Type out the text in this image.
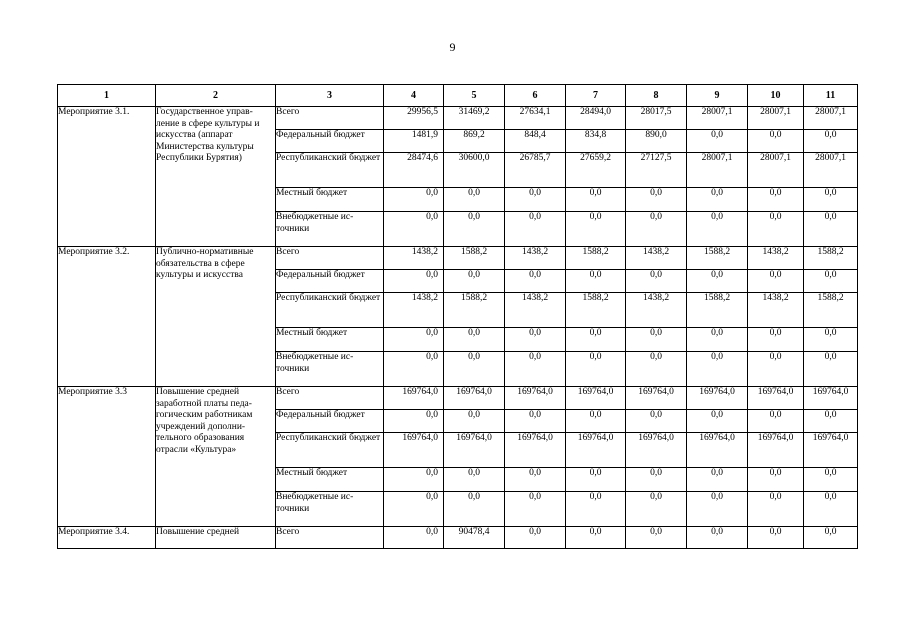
9
1	2	3	4	5	6	7	8	9	10	11
Мероприятие 3.1.	Государственное управ-ление в сфере культуры и искусства (аппарат Министерства культуры Республики Бурятия)	Всего	29956,5	31469,2	27634,1	28494,0	28017,5	28007,1	28007,1	28007,1
		Федеральный бюджет	1481,9	869,2	848,4	834,8	890,0	0,0	0,0	0,0
		Республиканский бюджет	28474,6	30600,0	26785,7	27659,2	27127,5	28007,1	28007,1	28007,1
		Местный бюджет	0,0	0,0	0,0	0,0	0,0	0,0	0,0	0,0
		Внебюджетные ис-точники	0,0	0,0	0,0	0,0	0,0	0,0	0,0	0,0
Мероприятие 3.2.	Публично-нормативные обязательства в сфере культуры и искусства	Всего	1438,2	1588,2	1438,2	1588,2	1438,2	1588,2	1438,2	1588,2
		Федеральный бюджет	0,0	0,0	0,0	0,0	0,0	0,0	0,0	0,0
		Республиканский бюджет	1438,2	1588,2	1438,2	1588,2	1438,2	1588,2	1438,2	1588,2
		Местный бюджет	0,0	0,0	0,0	0,0	0,0	0,0	0,0	0,0
		Внебюджетные ис-точники	0,0	0,0	0,0	0,0	0,0	0,0	0,0	0,0
Мероприятие 3.3	Повышение средней заработной платы педа-гогическим работникам учреждений дополни-тельного образования отрасли «Культура»	Всего	169764,0	169764,0	169764,0	169764,0	169764,0	169764,0	169764,0	169764,0
		Федеральный бюджет	0,0	0,0	0,0	0,0	0,0	0,0	0,0	0,0
		Республиканский бюджет	169764,0	169764,0	169764,0	169764,0	169764,0	169764,0	169764,0	169764,0
		Местный бюджет	0,0	0,0	0,0	0,0	0,0	0,0	0,0	0,0
		Внебюджетные ис-точники	0,0	0,0	0,0	0,0	0,0	0,0	0,0	0,0
Мероприятие 3.4.	Повышение средней	Всего	0,0	90478,4	0,0	0,0	0,0	0,0	0,0	0,0
